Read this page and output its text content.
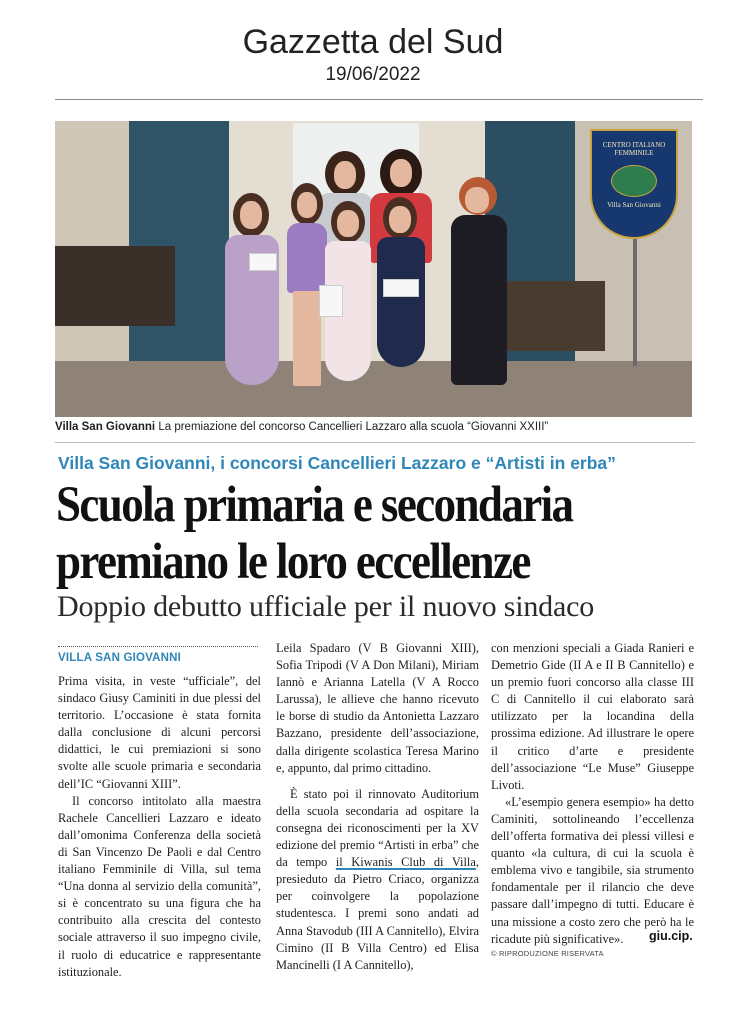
Gazzetta del Sud
19/06/2022
CENTRO ITALIANO FEMMINILE
Villa San Giovanni
Villa San Giovanni La premiazione del concorso Cancellieri Lazzaro alla scuola “Giovanni XXIII”
Villa San Giovanni, i concorsi Cancellieri Lazzaro e “Artisti in erba”
Scuola primaria e secondaria premiano le loro eccellenze
Doppio debutto ufficiale per il nuovo sindaco
VILLA SAN GIOVANNI

Prima visita, in veste “ufficiale”, del sindaco Giusy Caminiti in due plessi del territorio. L’occasione è stata fornita dalla conclusione di alcuni percorsi didattici, le cui premiazioni si sono svolte alle scuole primaria e secondaria dell’IC “Giovanni XIII”.

Il concorso intitolato alla maestra Rachele Cancellieri Lazzaro e ideato dall’omonima Conferenza della società di San Vincenzo De Paoli e dal Centro italiano Femminile di Villa, sul tema “Una donna al servizio della comunità”, si è concentrato su una figura che ha contribuito alla crescita del contesto sociale attraverso il suo impegno civile, il ruolo di educatrice e rappresentante istituzionale.

Leila Spadaro (V B Giovanni XIII), Sofia Tripodi (V A Don Milani), Miriam Iannò e Arianna Latella (V A Rocco Larussa), le allieve che hanno ricevuto le borse di studio da Antonietta Lazzaro Bazzano, presidente dell’associazione, dalla dirigente scolastica Teresa Marino e, appunto, dal primo cittadino.

È stato poi il rinnovato Auditorium della scuola secondaria ad ospitare la consegna dei riconoscimenti per la XV edizione del premio “Artisti in erba” che da tempo il Kiwanis Club di Villa, presieduto da Pietro Criaco, organizza per coinvolgere la popolazione studentesca. I premi sono andati ad Anna Stavodub (III A Cannitello), Elvira Cimino (II B Villa Centro) ed Elisa Mancinelli (I A Cannitello),

con menzioni speciali a Giada Ranieri e Demetrio Gide (II A e II B Cannitello) e un premio fuori concorso alla classe III C di Cannitello il cui elaborato sarà utilizzato per la locandina della prossima edizione. Ad illustrare le opere il critico d’arte e presidente dell’associazione “Le Muse” Giuseppe Livoti.

«L’esempio genera esempio» ha detto Caminiti, sottolineando l’eccellenza dell’offerta formativa dei plessi villesi e quanto «la cultura, di cui la scuola è emblema vivo e tangibile, sia strumento fondamentale per il rilancio che deve passare dall’impegno di tutti. Educare è una missione a costo zero che però ha le ricadute più significative».	giu.cip.
© RIPRODUZIONE RISERVATA
